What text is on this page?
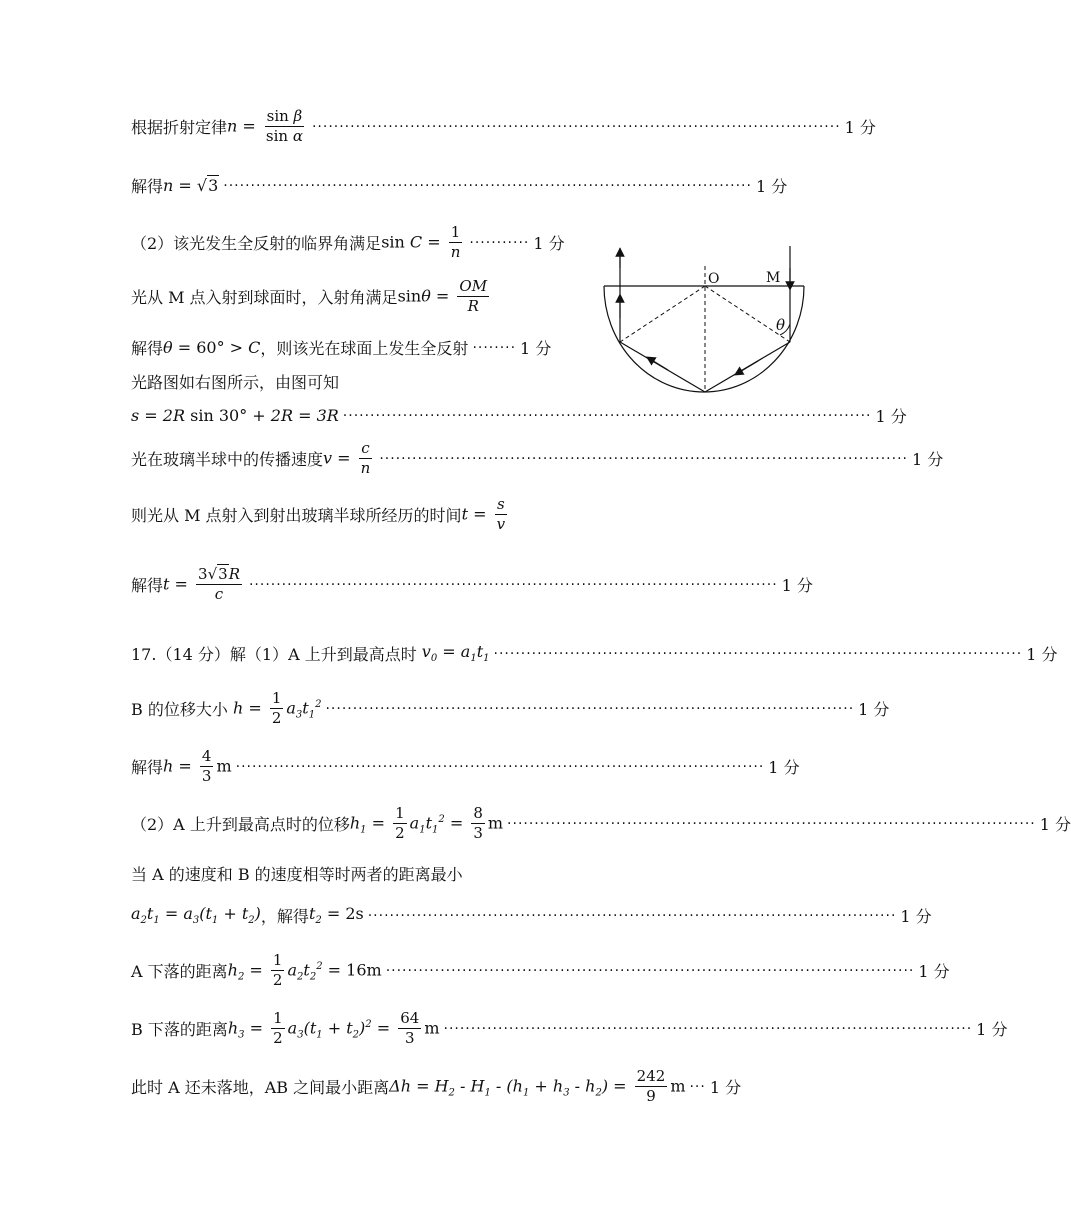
根据折射定律 $n = \frac{\text{sin β}}{\text{sin α}}$ ································································································· 1 分
解得 n = √3 ································································································· 1 分
（2）该光发生全反射的临界角满足 $\sin C = \frac{1}{n}$ ··········· 1 分
光从 M 点入射到球面时，入射角满足 $\sin\theta = \frac{OM}{R}$
解得 θ = 60° > C ，则该光在球面上发生全反射 ········ 1 分
光路图如右图所示，由图可知
s = 2R sin 30° + 2R = 3R ································································································· 1 分
光在玻璃半球中的传播速度 $v = \frac{c}{n}$ ································································································· 1 分
则光从 M 点射入到射出玻璃半球所经历的时间 $t = \frac{s}{v}$
解得 $t = \frac{3√3R}{c}$ ································································································· 1 分
17.（14 分）解（1）A 上升到最高点时 $v_0 = a_1t_1$ ································································································· 1 分
B 的位移大小 $h = \frac{1}{2} a_3t_1^2$ ································································································· 1 分
解得 $h = \frac{4}{3}$ m ································································································· 1 分
（2）A 上升到最高点时的位移 $h_1 = \frac{1}{2} a_1t_1^2 = \frac{8}{3}$ m ································································································· 1 分
当 A 的速度和 B 的速度相等时两者的距离最小
$a_2t_1 = a_3(t_1 + t_2)$ ，解得 $t_2 = 2s$ ································································································· 1 分
A 下落的距离 $h_2 = \frac{1}{2} a_2t_2^2 = 16m$ ································································································· 1 分
B 下落的距离 $h_3 = \frac{1}{2} a_3(t_1 + t_2)^2 = \frac{64}{3}$ m ································································································· 1 分
此时 A 还未落地，AB 之间最小距离 $\Delta h = H_2 - H_1 - (h_1 + h_3 - h_2) = \frac{242}{9}$ m ··· 1 分
O	M
θ
